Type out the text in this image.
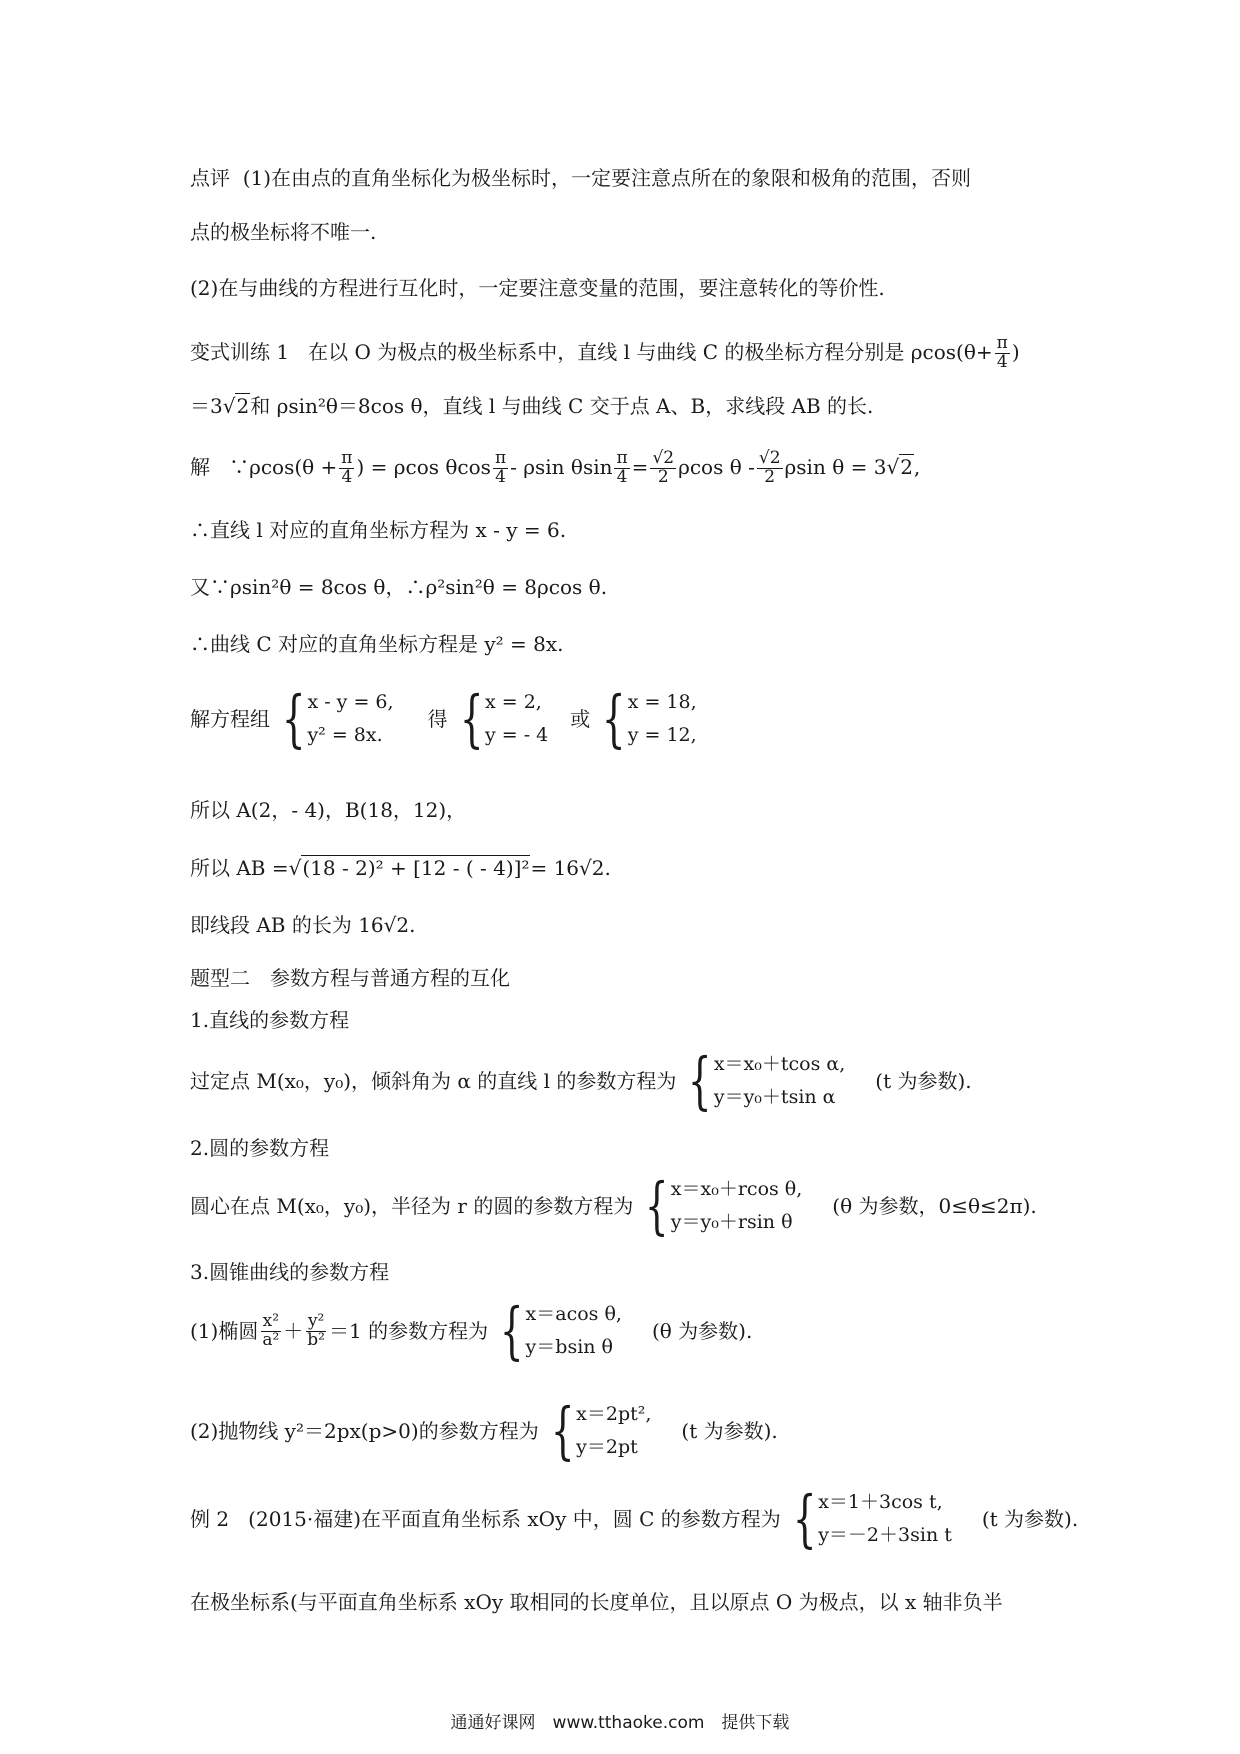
点评 (1)在由点的直角坐标化为极坐标时，一定要注意点所在的象限和极角的范围，否则
点的极坐标将不唯一.
(2)在与曲线的方程进行互化时，一定要注意变量的范围，要注意转化的等价性.
变式训练 1 在以 O 为极点的极坐标系中，直线 l 与曲线 C 的极坐标方程分别是 $\rho\cos(\theta+ \frac{\pi}{4}$ )
＝3√2和 ρsin²θ＝8cos θ，直线 l 与曲线 C 交于点 A、B，求线段 AB 的长.
解   ∵ρcos(θ + $\frac{\pi}{4}$ ) = ρcos θcos $\frac{\pi}{4}$ - ρsin θsin $\frac{\pi}{4} = \frac{√2}{2}$ ρcos θ - $\frac{√2}{2}$ ρsin θ = 3√2,
∴直线 l 对应的直角坐标方程为 x - y = 6.
又∵ρsin²θ = 8cos θ，∴ρ²sin²θ = 8ρcos θ.
∴曲线 C 对应的直角坐标方程是 y² = 8x.
解方程组 { x - y = 6,
y² = 8x.
得 { x = 2,
y = - 4
或 { x = 18,
y = 12,
所以 A(2，- 4)，B(18，12)，
所以 AB =√(18 - 2)² + [12 - ( - 4)]²= 16√2.
即线段 AB 的长为 16√2.
题型二　参数方程与普通方程的互化
1.直线的参数方程
过定点 M(x₀，y₀)，倾斜角为 α 的直线 l 的参数方程为 { x＝x₀＋tcos α,
y＝y₀＋tsin α
(t 为参数).
2.圆的参数方程
圆心在点 M(x₀，y₀)，半径为 r 的圆的参数方程为 { x＝x₀＋rcos θ,
y＝y₀＋rsin θ
(θ 为参数，0≤θ≤2π).
3.圆锥曲线的参数方程
(1)椭圆 $\frac{\text{x²}}{\text{a²}} + \frac{\text{y²}}{\text{b²}} =1$ 的参数方程为 { x＝acos θ,
y＝bsin θ
(θ 为参数).
(2)抛物线 y²＝2px(p>0)的参数方程为 { x＝2pt²,
y＝2pt
(t 为参数).
例 2
(2015·福建)在平面直角坐标系 xOy 中，圆 C 的参数方程为 { x＝1＋3cos t,
y＝－2＋3sin t
(t 为参数).
在极坐标系(与平面直角坐标系 xOy 取相同的长度单位，且以原点 O 为极点，以 x 轴非负半
通通好课网　www.tthaoke.com　提供下载
